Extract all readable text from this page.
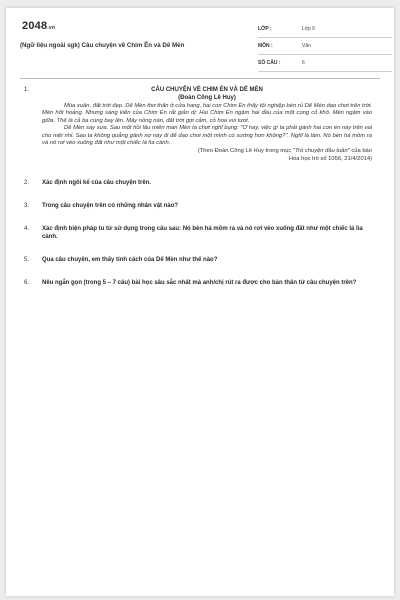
2048.vn
(Ngữ liệu ngoài sgk) Câu chuyện về Chim Ên và Dế Mèn
LỚP :	Lớp 6
MÔN :	Văn
SỐ CÂU :	6
1.	CÂU CHUYỆN VỀ CHIM ÉN VÀ DẾ MÈN
(Đoàn Công Lê Huy)

Mùa xuân, đất trời đẹp. Dế Mèn thơ thẩn ở cửa hang, hai con Chim Én thấy tội nghiệp bèn rủ Dế Mèn dạo chơi trên trời. Mèn hốt hoảng. Nhưng sáng kiến của Chim Én rất giản dị: Hai Chim Én ngậm hai đầu của một cọng cỏ khô. Mèn ngậm vào giữa. Thế là cả ba cùng bay lên. Mây nồng nàn, đất trời gợi cảm, cỏ hoa vui tươi.

Dế Mèn say sưa. Sau một hồi lâu miên man Mèn ta chợt nghĩ bụng: "Ơ hay, việc gì ta phải gánh hai con én này trên vai cho mệt nhỉ. Sao ta không quẳng gánh nợ này đi để dạo chơi một mình có sướng hơn không?". Nghĩ là làm. Nó bèn há mồm ra và nó rơi vèo xuống đất như một chiếc lá lìa cành.

(Theo Đoàn Công Lê Huy trong mục "Trò chuyện đầu tuần" của báo
Hoa học trò số 1056, 21/4/2014)
2. Xác định ngôi kể của câu chuyện trên.
3. Trong câu chuyện trên có những nhân vật nào?
4. Xác định biện pháp tu từ sử dụng trong câu sau: Nó bèn há mồm ra và nó rơi vèo xuống đất như một chiếc lá lìa cành.
5. Qua câu chuyện, em thấy tính cách của Dế Mèn như thế nào?
6. Nêu ngắn gọn (trong 5 – 7 câu) bài học sâu sắc nhất mà anh/chị rút ra được cho bản thân từ câu chuyện trên?
